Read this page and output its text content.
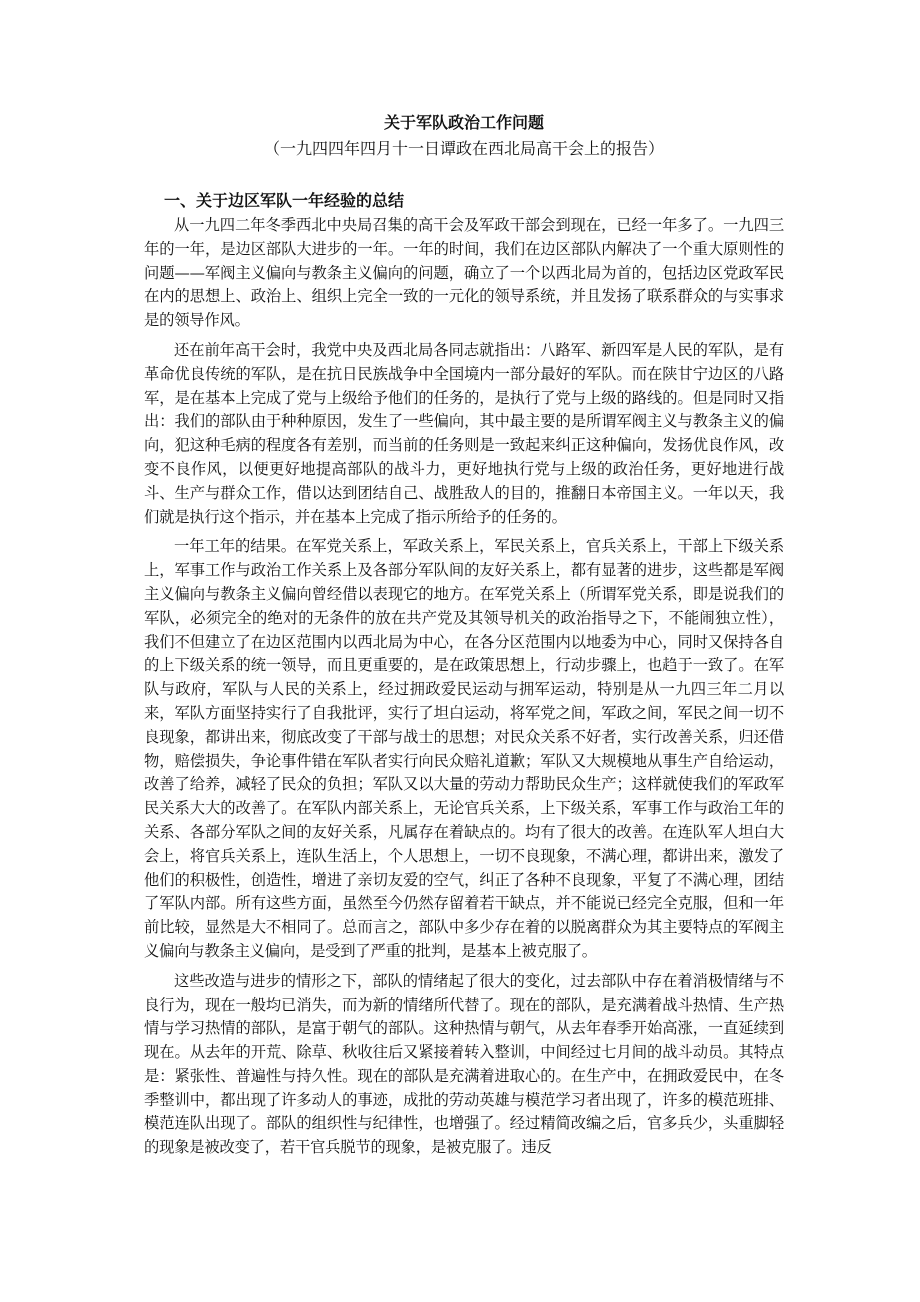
关于军队政治工作问题

（一九四四年四月十一日谭政在西北局高干会上的报告）

一、关于边区军队一年经验的总结

从一九四二年冬季西北中央局召集的高干会及军政干部会到现在，已经一年多了。一九四三年的一年，是边区部队大进步的一年。一年的时间，我们在边区部队内解决了一个重大原则性的问题——军阀主义偏向与教条主义偏向的问题，确立了一个以西北局为首的，包括边区党政军民在内的思想上、政治上、组织上完全一致的一元化的领导系统，并且发扬了联系群众的与实事求是的领导作风。

还在前年高干会时，我党中央及西北局各同志就指出：八路军、新四军是人民的军队，是有革命优良传统的军队，是在抗日民族战争中全国境内一部分最好的军队。而在陕甘宁边区的八路军，是在基本上完成了党与上级给予他们的任务的，是执行了党与上级的路线的。但是同时又指出：我们的部队由于种种原因，发生了一些偏向，其中最主要的是所谓军阀主义与教条主义的偏向，犯这种毛病的程度各有差别，而当前的任务则是一致起来纠正这种偏向，发扬优良作风，改变不良作风，以便更好地提高部队的战斗力，更好地执行党与上级的政治任务，更好地进行战斗、生产与群众工作，借以达到团结自己、战胜敌人的目的，推翻日本帝国主义。一年以天，我们就是执行这个指示，并在基本上完成了指示所给予的任务的。

一年工年的结果。在军党关系上，军政关系上，军民关系上，官兵关系上，干部上下级关系上，军事工作与政治工作关系上及各部分军队间的友好关系上，都有显著的进步，这些都是军阀主义偏向与教条主义偏向曾经借以表现它的地方。在军党关系上（所谓军党关系，即是说我们的军队，必须完全的绝对的无条件的放在共产党及其领导机关的政治指导之下，不能闹独立性），我们不但建立了在边区范围内以西北局为中心，在各分区范围内以地委为中心，同时又保持各自的上下级关系的统一领导，而且更重要的，是在政策思想上，行动步骤上，也趋于一致了。在军队与政府，军队与人民的关系上，经过拥政爱民运动与拥军运动，特别是从一九四三年二月以来，军队方面坚持实行了自我批评，实行了坦白运动，将军党之间，军政之间，军民之间一切不良现象，都讲出来，彻底改变了干部与战士的思想；对民众关系不好者，实行改善关系，归还借物，赔偿损失，争论事件错在军队者实行向民众赔礼道歉；军队又大规模地从事生产自给运动，改善了给养，减轻了民众的负担；军队又以大量的劳动力帮助民众生产；这样就使我们的军政军民关系大大的改善了。在军队内部关系上，无论官兵关系，上下级关系，军事工作与政治工年的关系、各部分军队之间的友好关系，凡属存在着缺点的。均有了很大的改善。在连队军人坦白大会上，将官兵关系上，连队生活上，个人思想上，一切不良现象，不满心理，都讲出来，激发了他们的积极性，创造性，增进了亲切友爱的空气，纠正了各种不良现象，平复了不满心理，团结了军队内部。所有这些方面，虽然至今仍然存留着若干缺点，并不能说已经完全克服，但和一年前比较，显然是大不相同了。总而言之，部队中多少存在着的以脱离群众为其主要特点的军阀主义偏向与教条主义偏向，是受到了严重的批判，是基本上被克服了。

这些改造与进步的情形之下，部队的情绪起了很大的变化，过去部队中存在着消极情绪与不良行为，现在一般均已消失，而为新的情绪所代替了。现在的部队，是充满着战斗热情、生产热情与学习热情的部队，是富于朝气的部队。这种热情与朝气，从去年春季开始高涨，一直延续到现在。从去年的开荒、除草、秋收往后又紧接着转入整训，中间经过七月间的战斗动员。其特点是：紧张性、普遍性与持久性。现在的部队是充满着进取心的。在生产中，在拥政爱民中，在冬季整训中，都出现了许多动人的事迹，成批的劳动英雄与模范学习者出现了，许多的模范班排、模范连队出现了。部队的组织性与纪律性，也增强了。经过精简改编之后，官多兵少，头重脚轻的现象是被改变了，若干官兵脱节的现象，是被克服了。违反
